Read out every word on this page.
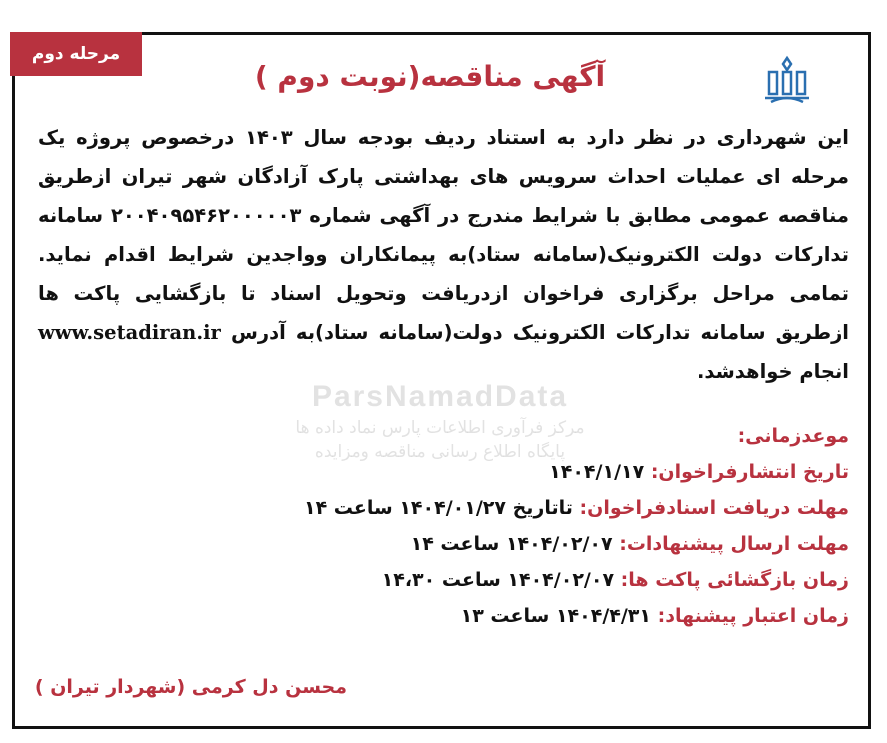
مرحله دوم
آگهی مناقصه(نوبت دوم )
ParsNamadData
مرکز فرآوری اطلاعات پارس نماد داده ها
پایگاه اطلاع رسانی مناقصه ومزایده
این شهرداری در نظر دارد به استناد ردیف بودجه سال ۱۴۰۳ درخصوص پروژه یک مرحله ای عملیات احداث سرویس های بهداشتی پارک آزادگان شهر تیران ازطریق مناقصه عمومی مطابق با شرایط مندرج در آگهی شماره ۲۰۰۴۰۹۵۴۶۲۰۰۰۰۰۳ سامانه تدارکات دولت الکترونیک(سامانه ستاد)به پیمانکاران وواجدین شرایط اقدام نماید. تمامی مراحل برگزاری فراخوان ازدریافت وتحویل اسناد تا بازگشایی پاکت ها ازطریق سامانه تدارکات الکترونیک دولت(سامانه ستاد)به آدرس www.setadiran.ir انجام خواهدشد.
موعدزمانی:
تاریخ انتشارفراخوان: ۱۴۰۴/۱/۱۷
مهلت دریافت اسنادفراخوان: تاتاریخ ۱۴۰۴/۰۱/۲۷ ساعت ۱۴
مهلت ارسال پیشنهادات: ۱۴۰۴/۰۲/۰۷ ساعت ۱۴
زمان بازگشائی پاکت ها: ۱۴۰۴/۰۲/۰۷ ساعت ۱۴،۳۰
زمان اعتبار پیشنهاد: ۱۴۰۴/۴/۳۱ ساعت ۱۳
محسن دل کرمی (شهردار تیران )
